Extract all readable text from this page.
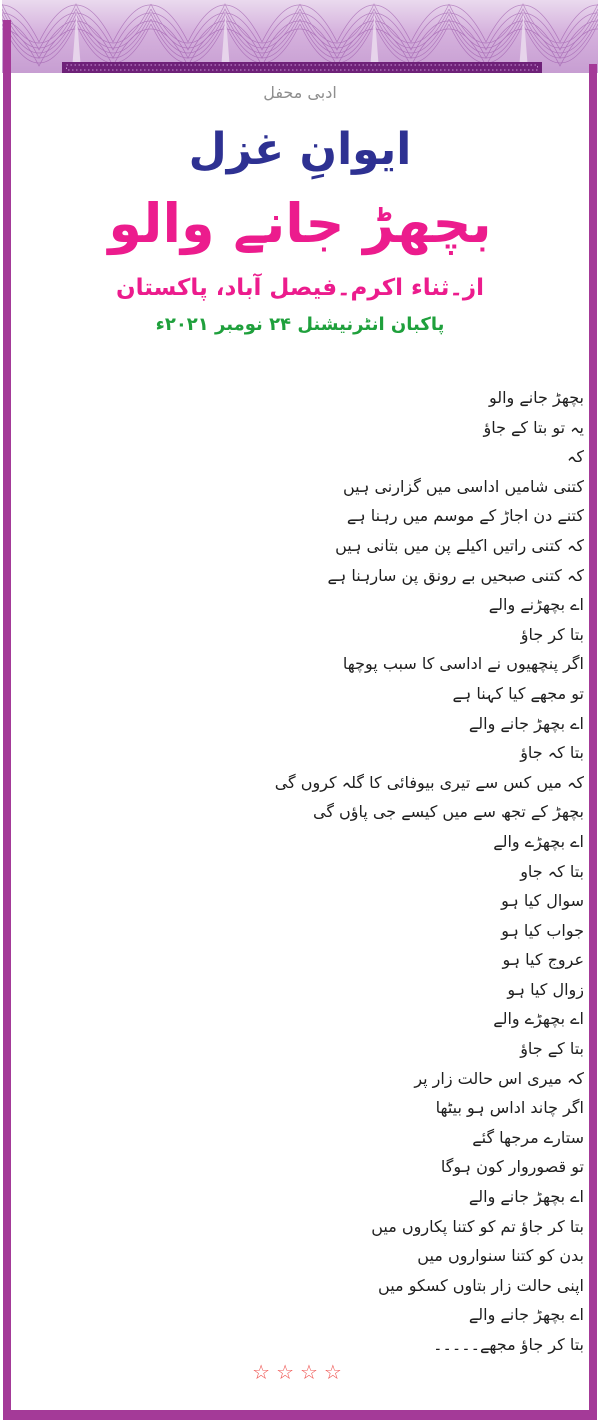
ادبی محفل

ایوانِ غزل
بچھڑ جانے والو

از۔ثناء اکرم۔فیصل آباد، پاکستان

پاکبان انٹرنیشنل ۲۴ نومبر ۲۰۲۱ء

بچھڑ جانے والو

یہ تو بتا کے جاؤ

کہ

کتنی شامیں اداسی میں گزارنی ہیں

کتنے دن اجاڑ کے موسم میں رہنا ہے

کہ کتنی راتیں اکیلے پن میں بتانی ہیں

کہ کتنی صبحیں بے رونق پن سارہنا ہے

اے بچھڑنے والے

بتا کر جاؤ

اگر پنچھیوں نے اداسی کا سبب پوچھا

تو مجھے کیا کہنا ہے

اے بچھڑ جانے والے

بتا کہ جاؤ

کہ میں کس سے تیری بیوفائی کا گلہ کروں گی

بچھڑ کے تجھ سے میں کیسے جی پاؤں گی

اے بچھڑے والے

بتا کہ جاو

سوال کیا ہو

جواب کیا ہو

عروج کیا ہو

زوال کیا ہو

اے بچھڑے والے

بتا کے جاؤ

کہ میری اس حالت زار پر

اگر چاند اداس ہو بیٹھا

ستارے مرجھا گئے

تو قصوروار کون ہوگا

اے بچھڑ جانے والے

بتا کر جاؤ تم کو کتنا پکاروں میں

بدن کو کتنا سنواروں میں

اپنی حالت زار بتاوں کسکو میں

اے بچھڑ جانے والے

بتا کر جاؤ مجھے۔۔۔۔۔

☆☆☆☆
